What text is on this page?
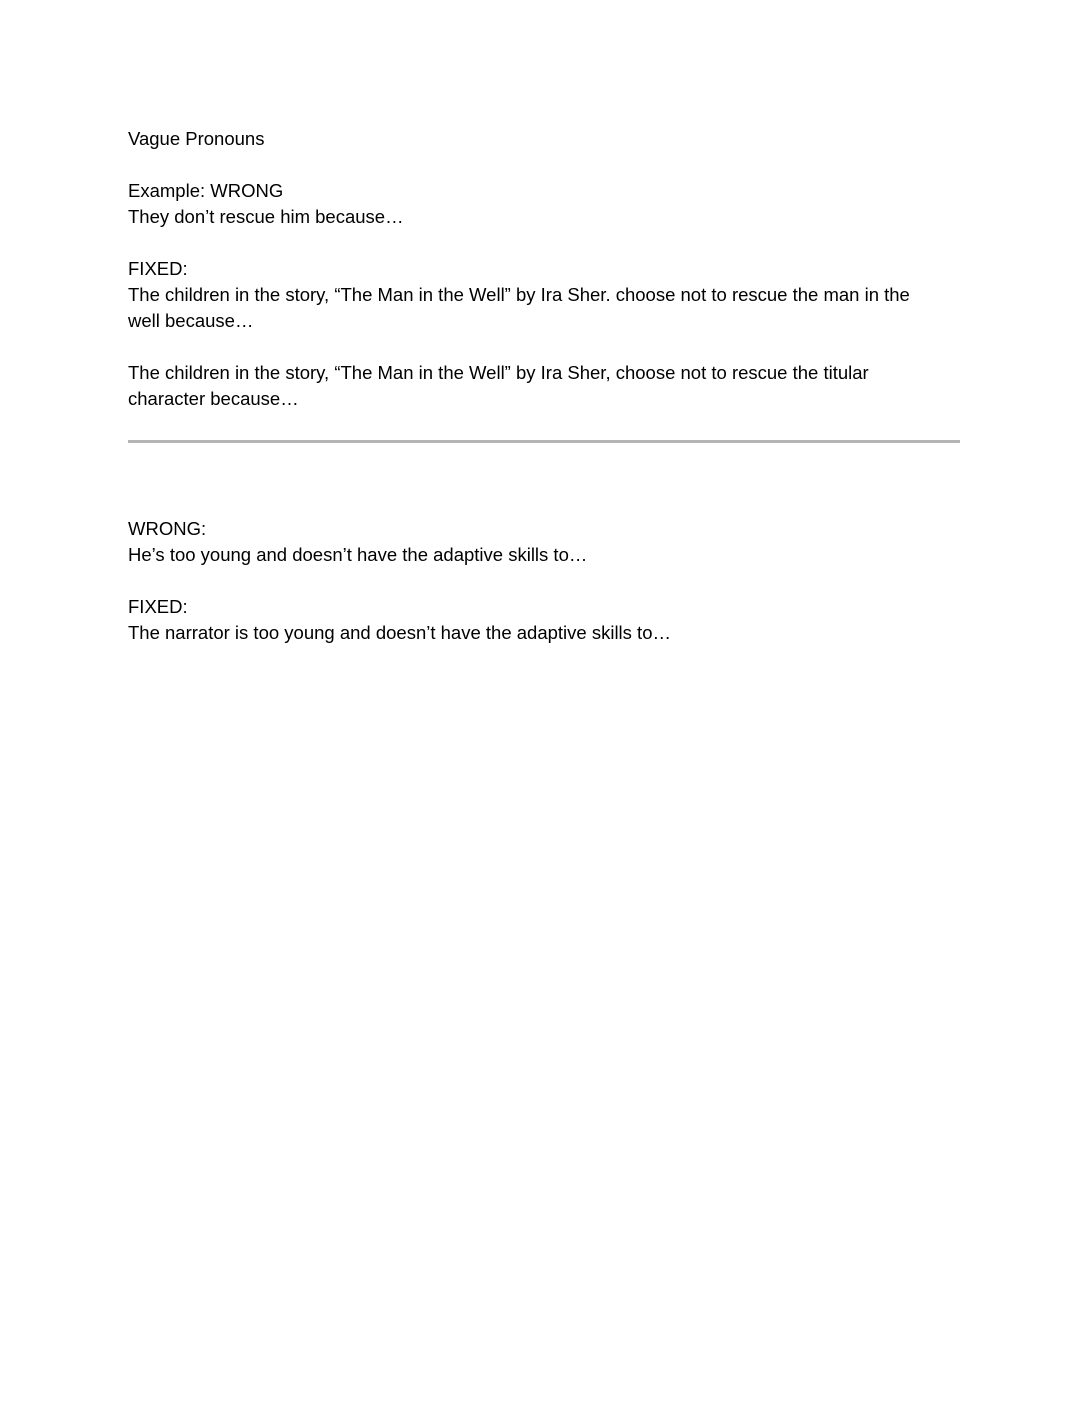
Vague Pronouns
Example: WRONG
They don’t rescue him because…
FIXED:
The children in the story, “The Man in the Well” by Ira Sher. choose not to rescue the man in the
well because…
The children in the story, “The Man in the Well” by Ira Sher, choose not to rescue the titular
character because…
WRONG:
He’s too young and doesn’t have the adaptive skills to…
FIXED:
The narrator is too young and doesn’t have the adaptive skills to…
